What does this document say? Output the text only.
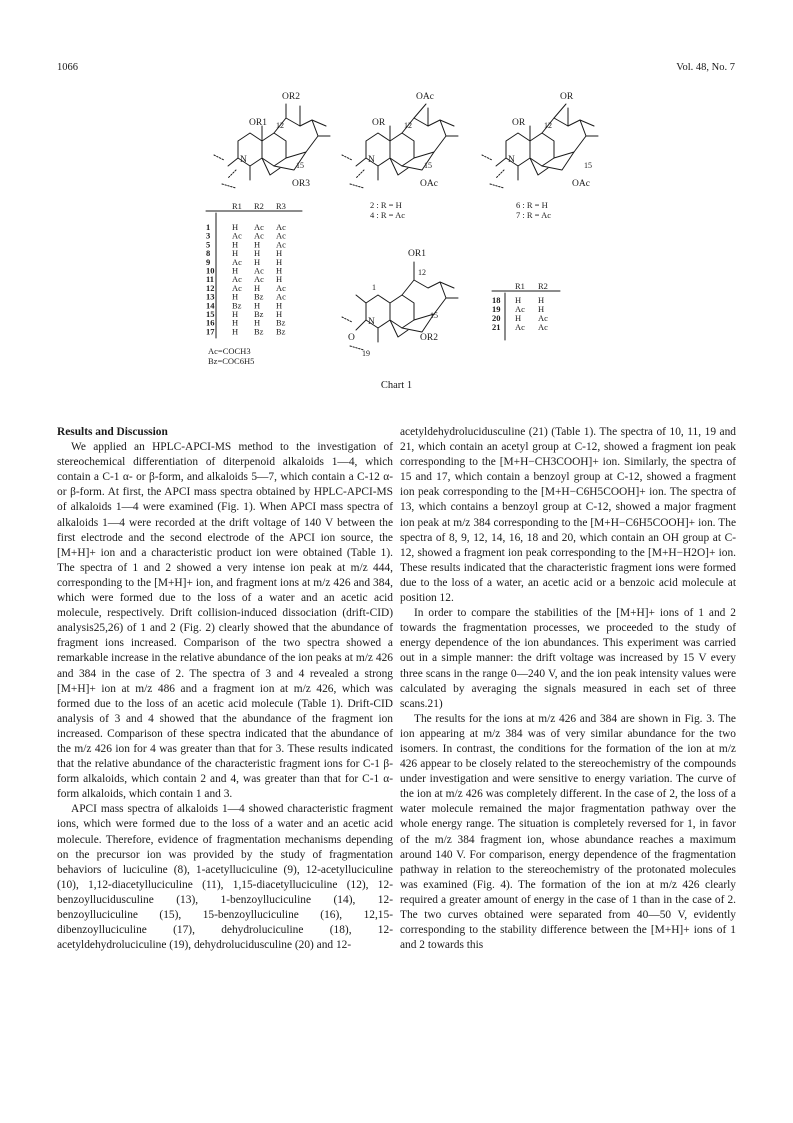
1066	Vol. 48, No. 7
OR2
OR1 12
N
15
OR3
OAc
OR 12
N
15
OAc
2 : R = H
4 : R = Ac
OR
OR 12
N
15
OAc
6 : R = H
7 : R = Ac
OR1
1
12
N
15
OR2
O
19
R1 R2 R3
1	H Ac Ac
3	Ac Ac Ac
5	H H Ac
8	H H H
9	Ac H H
10 H Ac H
11 Ac Ac H
12 Ac H Ac
13 H Bz Ac
14 Bz H H
15 H Bz H
16 H H Bz
17 H Bz Bz
Ac=COCH3
Bz=COC6H5
R1 R2
18 H H
19 Ac H
20 H Ac
21 Ac Ac
Chart 1
Results and Discussion

We applied an HPLC-APCI-MS method to the investigation of stereochemical differentiation of diterpenoid alkaloids 1—4, which contain a C-1 α- or β-form, and alkaloids 5—7, which contain a C-12 α- or β-form. At first, the APCI mass spectra obtained by HPLC-APCI-MS of alkaloids 1—4 were examined (Fig. 1). When APCI mass spectra of alkaloids 1—4 were recorded at the drift voltage of 140 V between the first electrode and the second electrode of the APCI ion source, the [M+H]+ ion and a characteristic product ion were obtained (Table 1). The spectra of 1 and 2 showed a very intense ion peak at m/z 444, corresponding to the [M+H]+ ion, and fragment ions at m/z 426 and 384, which were formed due to the loss of a water and an acetic acid molecule, respectively. Drift collision-induced dissociation (drift-CID) analysis25,26) of 1 and 2 (Fig. 2) clearly showed that the abundance of fragment ions increased. Comparison of the two spectra showed a remarkable increase in the relative abundance of the ion peaks at m/z 426 and 384 in the case of 2. The spectra of 3 and 4 revealed a strong [M+H]+ ion at m/z 486 and a fragment ion at m/z 426, which was formed due to the loss of an acetic acid molecule (Table 1). Drift-CID analysis of 3 and 4 showed that the abundance of the fragment ion increased. Comparison of these spectra indicated that the abundance of the m/z 426 ion for 4 was greater than that for 3. These results indicated that the relative abundance of the characteristic fragment ions for C-1 β-form alkaloids, which contain 2 and 4, was greater than that for C-1 α-form alkaloids, which contain 1 and 3.

APCI mass spectra of alkaloids 1—4 showed characteristic fragment ions, which were formed due to the loss of a water and an acetic acid molecule. Therefore, evidence of fragmentation mechanisms depending on the precursor ion was provided by the study of fragmentation behaviors of luciculine (8), 1-acetylluciculine (9), 12-acetylluciculine (10), 1,12-diacetylluciculine (11), 1,15-diacetylluciculine (12), 12-benzoyllucidusculine (13), 1-benzoylluciculine (14), 12-benzoylluciculine (15), 15-benzoylluciculine (16), 12,15-dibenzoylluciculine (17), dehydroluciculine (18), 12-acetyldehydroluciculine (19), dehydrolucidusculine (20) and 12-

acetyldehydrolucidusculine (21) (Table 1). The spectra of 10, 11, 19 and 21, which contain an acetyl group at C-12, showed a fragment ion peak corresponding to the [M+H−CH3COOH]+ ion. Similarly, the spectra of 15 and 17, which contain a benzoyl group at C-12, showed a fragment ion peak corresponding to the [M+H−C6H5COOH]+ ion. The spectra of 13, which contains a benzoyl group at C-12, showed a major fragment ion peak at m/z 384 corresponding to the [M+H−C6H5COOH]+ ion. The spectra of 8, 9, 12, 14, 16, 18 and 20, which contain an OH group at C-12, showed a fragment ion peak corresponding to the [M+H−H2O]+ ion. These results indicated that the characteristic fragment ions were formed due to the loss of a water, an acetic acid or a benzoic acid molecule at position 12.

In order to compare the stabilities of the [M+H]+ ions of 1 and 2 towards the fragmentation processes, we proceeded to the study of energy dependence of the ion abundances. This experiment was carried out in a simple manner: the drift voltage was increased by 15 V every three scans in the range 0—240 V, and the ion peak intensity values were calculated by averaging the signals measured in each set of three scans.21)

The results for the ions at m/z 426 and 384 are shown in Fig. 3. The ion appearing at m/z 384 was of very similar abundance for the two isomers. In contrast, the conditions for the formation of the ion at m/z 426 appear to be closely related to the stereochemistry of the compounds under investigation and were sensitive to energy variation. The curve of the ion at m/z 426 was completely different. In the case of 2, the loss of a water molecule remained the major fragmentation pathway over the whole energy range. The situation is completely reversed for 1, in favor of the m/z 384 fragment ion, whose abundance reaches a maximum around 140 V. For comparison, energy dependence of the fragmentation pathway in relation to the stereochemistry of the protonated molecules was examined (Fig. 4). The formation of the ion at m/z 426 clearly required a greater amount of energy in the case of 1 than in the case of 2. The two curves obtained were separated from 40—50 V, evidently corresponding to the stability difference between the [M+H]+ ions of 1 and 2 towards this
